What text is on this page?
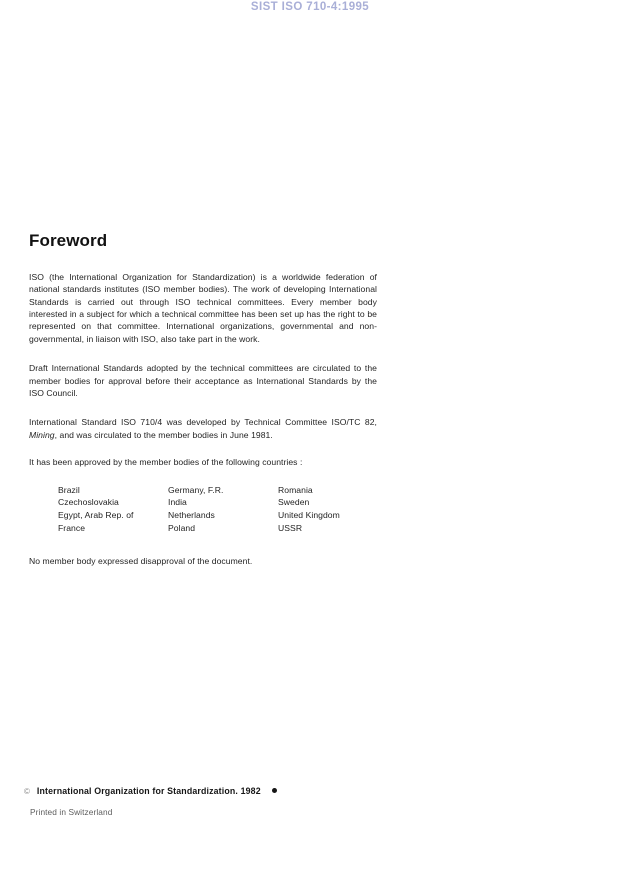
SIST ISO 710-4:1995
Foreword

ISO (the International Organization for Standardization) is a worldwide federation of national standards institutes (ISO member bodies). The work of developing International Standards is carried out through ISO technical committees. Every member body interested in a subject for which a technical committee has been set up has the right to be represented on that committee. International organizations, governmental and non-governmental, in liaison with ISO, also take part in the work.

Draft International Standards adopted by the technical committees are circulated to the member bodies for approval before their acceptance as International Standards by the ISO Council.

International Standard ISO 710/4 was developed by Technical Committee ISO/TC 82, Mining, and was circulated to the member bodies in June 1981.

It has been approved by the member bodies of the following countries :

Brazil
Czechoslovakia
Egypt, Arab Rep. of
France
Germany, F.R.
India
Netherlands
Poland
Romania
Sweden
United Kingdom
USSR

No member body expressed disapproval of the document.

© International Organization for Standardization. 1982
Printed in Switzerland
